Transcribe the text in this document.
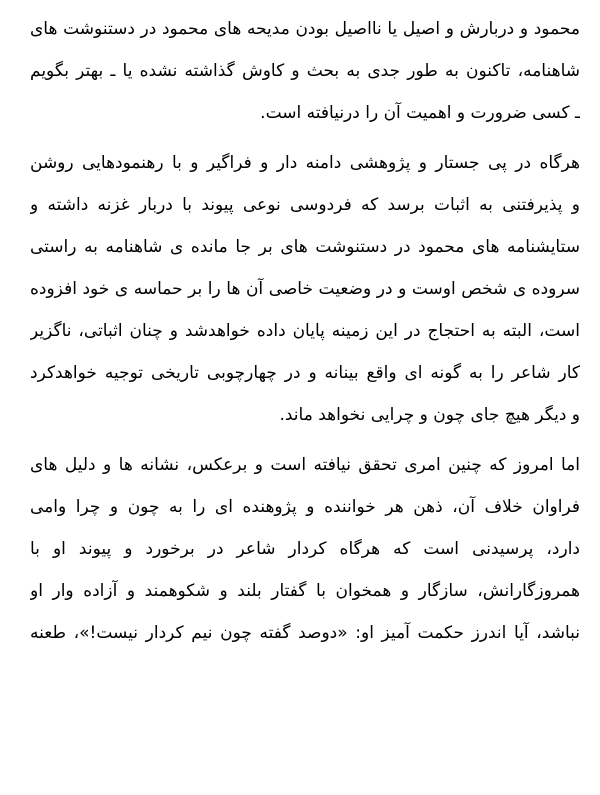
محمود و دربارش و اصیل یا نااصیل بودن مدیحه های محمود در دستنوشت های
شاهنامه، تاکنون به طور جدی به بحث و کاوش گذاشته نشده یا ـ بهتر بگویم
ـ کسی ضرورت و اهمیت آن را درنیافته است.
هرگاه در پی جستار و پژوهشی دامنه دار و فراگیر و با رهنمودهایی روشن
و پذیرفتنی به اثبات برسد که فردوسی نوعی پیوند با دربار غزنه داشته و
ستایشنامه های محمود در دستنوشت های بر جا مانده ی شاهنامه به راستی
سروده ی شخص اوست و در وضعیت خاصی آن ها را بر حماسه ی خود افزوده
است، البته به احتجاج در این زمینه پایان داده خواهدشد و چنان اثباتی، ناگزیر
کار شاعر را به گونه ای واقع بینانه و در چهارچوبی تاریخی توجیه خواهدکرد
و دیگر هیچ جای چون و چرایی نخواهد ماند.
اما امروز که چنین امری تحقق نیافته است و برعکس، نشانه ها و دلیل های
فراوان خلاف آن، ذهن هر خواننده و پژوهنده ای را به چون و چرا وامی
دارد، پرسیدنی است که هرگاه کردار شاعر در برخورد و پیوند او با
همروزگارانش، سازگار و همخوان با گفتار بلند و شکوهمند و آزاده وار او
نباشد، آیا اندرز حکمت آمیز او: «دوصد گفته چون نیم کردار نیست!»، طعنه
